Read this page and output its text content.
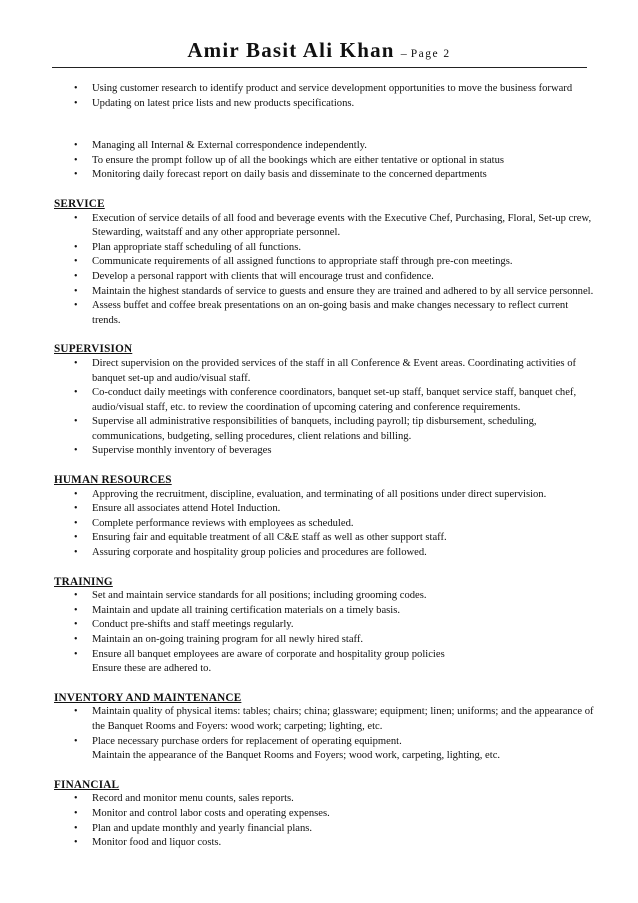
Amir Basit Ali Khan – Page 2
• Using customer research to identify product and service development opportunities to move the business forward
• Updating on latest price lists and new products specifications.
• Managing all Internal & External correspondence independently.
• To ensure the prompt follow up of all the bookings which are either tentative or optional in status
• Monitoring daily forecast report on daily basis and disseminate to the concerned departments
SERVICE
• Execution of service details of all food and beverage events with the Executive Chef, Purchasing, Floral, Set-up crew, Stewarding, waitstaff and any other appropriate personnel.
• Plan appropriate staff scheduling of all functions.
• Communicate requirements of all assigned functions to appropriate staff through pre-con meetings.
• Develop a personal rapport with clients that will encourage trust and confidence.
• Maintain the highest standards of service to guests and ensure they are trained and adhered to by all service personnel.
• Assess buffet and coffee break presentations on an on-going basis and make changes necessary to reflect current trends.
SUPERVISION
• Direct supervision on the provided services of the staff in all Conference & Event areas. Coordinating activities of banquet set-up and audio/visual staff.
• Co-conduct daily meetings with conference coordinators, banquet set-up staff, banquet service staff, banquet chef, audio/visual staff, etc. to review the coordination of upcoming catering and conference requirements.
• Supervise all administrative responsibilities of banquets, including payroll; tip disbursement, scheduling, communications, budgeting, selling procedures, client relations and billing.
• Supervise monthly inventory of beverages
HUMAN RESOURCES
• Approving the recruitment, discipline, evaluation, and terminating of all positions under direct supervision.
• Ensure all associates attend Hotel Induction.
• Complete performance reviews with employees as scheduled.
• Ensuring fair and equitable treatment of all C&E staff as well as other support staff.
• Assuring corporate and hospitality group policies and procedures are followed.
TRAINING
• Set and maintain service standards for all positions; including grooming codes.
• Maintain and update all training certification materials on a timely basis.
• Conduct pre-shifts and staff meetings regularly.
• Maintain an on-going training program for all newly hired staff.
• Ensure all banquet employees are aware of corporate and hospitality group policies
Ensure these are adhered to.
INVENTORY AND MAINTENANCE
• Maintain quality of physical items: tables; chairs; china; glassware; equipment; linen; uniforms; and the appearance of the Banquet Rooms and Foyers: wood work; carpeting; lighting, etc.
• Place necessary purchase orders for replacement of operating equipment.
Maintain the appearance of the Banquet Rooms and Foyers; wood work, carpeting, lighting, etc.
FINANCIAL
• Record and monitor menu counts, sales reports.
• Monitor and control labor costs and operating expenses.
• Plan and update monthly and yearly financial plans.
• Monitor food and liquor costs.
